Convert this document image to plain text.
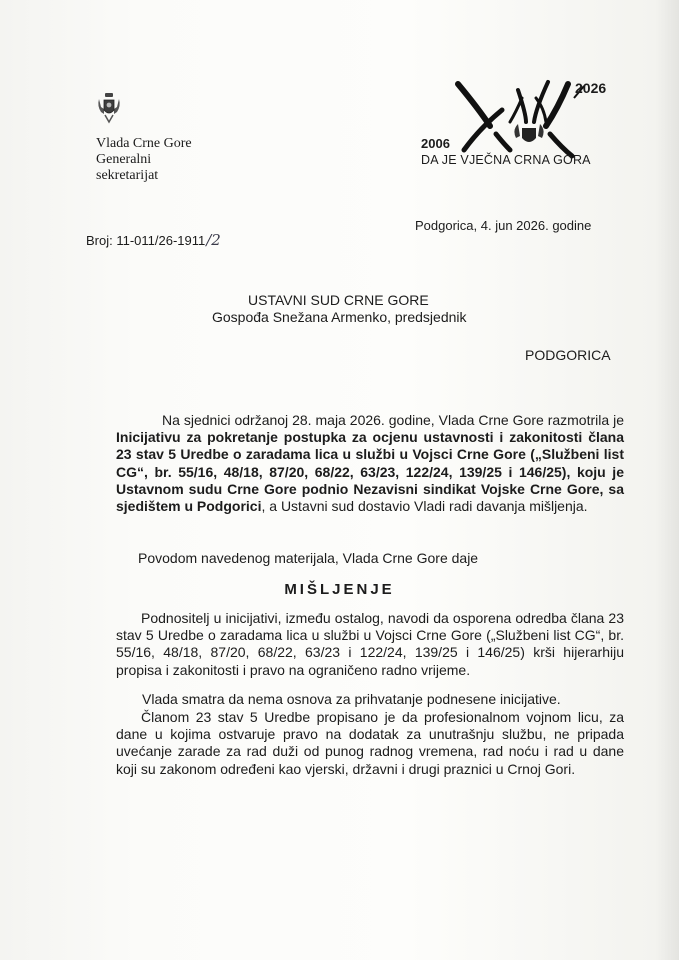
Vlada Crne Gore
Generalni
sekretarijat
2026
2006
DA JE VJEČNA CRNA GORA
Broj: 11-011/26-1911/2
Podgorica, 4. jun 2026. godine
USTAVNI SUD CRNE GORE
Gospođa Snežana Armenko, predsjednik
PODGORICA
Na sjednici održanoj 28. maja 2026. godine, Vlada Crne Gore razmotrila je Inicijativu za pokretanje postupka za ocjenu ustavnosti i zakonitosti člana 23 stav 5 Uredbe o zaradama lica u službi u Vojsci Crne Gore („Službeni list CG“, br. 55/16, 48/18, 87/20, 68/22, 63/23, 122/24, 139/25 i 146/25), koju je Ustavnom sudu Crne Gore podnio Nezavisni sindikat Vojske Crne Gore, sa sjedištem u Podgorici, a Ustavni sud dostavio Vladi radi davanja mišljenja.
Povodom navedenog materijala, Vlada Crne Gore daje
MIŠLJENJE
Podnositelj u inicijativi, između ostalog, navodi da osporena odredba člana 23 stav 5 Uredbe o zaradama lica u službi u Vojsci Crne Gore („Službeni list CG“, br. 55/16, 48/18, 87/20, 68/22, 63/23 i 122/24, 139/25 i 146/25) krši hijerarhiju propisa i zakonitosti i pravo na ograničeno radno vrijeme.
Vlada smatra da nema osnova za prihvatanje podnesene inicijative.
Članom 23 stav 5 Uredbe propisano je da profesionalnom vojnom licu, za dane u kojima ostvaruje pravo na dodatak za unutrašnju službu, ne pripada uvećanje zarade za rad duži od punog radnog vremena, rad noću i rad u dane koji su zakonom određeni kao vjerski, državni i drugi praznici u Crnoj Gori.
